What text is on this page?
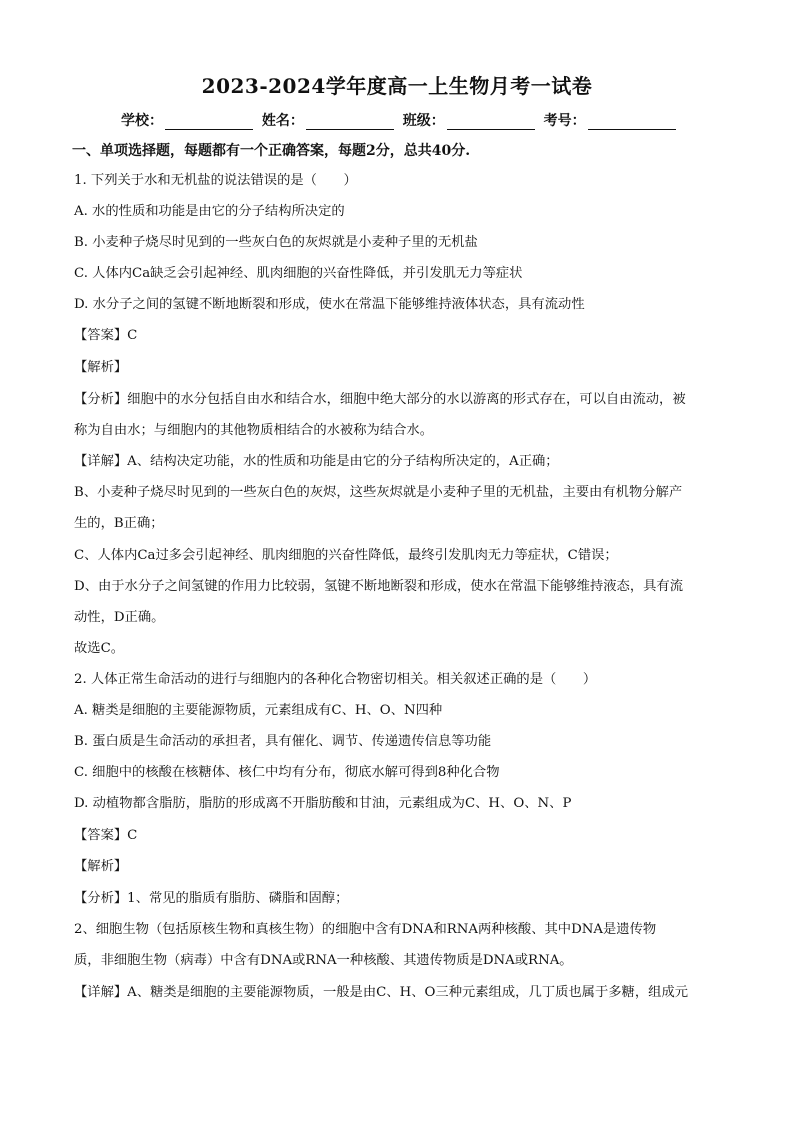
2023-2024学年度高一上生物月考一试卷
学校：	姓名：	班级：	考号：
一、单项选择题，每题都有一个正确答案，每题2分，总共40分.
1. 下列关于水和无机盐的说法错误的是（　　）
A. 水的性质和功能是由它的分子结构所决定的
B. 小麦种子烧尽时见到的一些灰白色的灰烬就是小麦种子里的无机盐
C. 人体内Ca缺乏会引起神经、肌肉细胞的兴奋性降低，并引发肌无力等症状
D. 水分子之间的氢键不断地断裂和形成，使水在常温下能够维持液体状态，具有流动性
【答案】C
【解析】
【分析】细胞中的水分包括自由水和结合水，细胞中绝大部分的水以游离的形式存在，可以自由流动，被
称为自由水；与细胞内的其他物质相结合的水被称为结合水。
【详解】A、结构决定功能，水的性质和功能是由它的分子结构所决定的，A正确；
B、小麦种子烧尽时见到的一些灰白色的灰烬，这些灰烬就是小麦种子里的无机盐，主要由有机物分解产
生的，B正确；
C、人体内Ca过多会引起神经、肌肉细胞的兴奋性降低，最终引发肌肉无力等症状，C错误；
D、由于水分子之间氢键的作用力比较弱，氢键不断地断裂和形成，使水在常温下能够维持液态，具有流
动性，D正确。
故选C。
2. 人体正常生命活动的进行与细胞内的各种化合物密切相关。相关叙述正确的是（　　）
A. 糖类是细胞的主要能源物质，元素组成有C、H、O、N四种
B. 蛋白质是生命活动的承担者，具有催化、调节、传递遗传信息等功能
C. 细胞中的核酸在核糖体、核仁中均有分布，彻底水解可得到8种化合物
D. 动植物都含脂肪，脂肪的形成离不开脂肪酸和甘油，元素组成为C、H、O、N、P
【答案】C
【解析】
【分析】1、常见的脂质有脂肪、磷脂和固醇；
2、细胞生物（包括原核生物和真核生物）的细胞中含有DNA和RNA两种核酸、其中DNA是遗传物
质，非细胞生物（病毒）中含有DNA或RNA一种核酸、其遗传物质是DNA或RNA。
【详解】A、糖类是细胞的主要能源物质，一般是由C、H、O三种元素组成，几丁质也属于多糖，组成元
